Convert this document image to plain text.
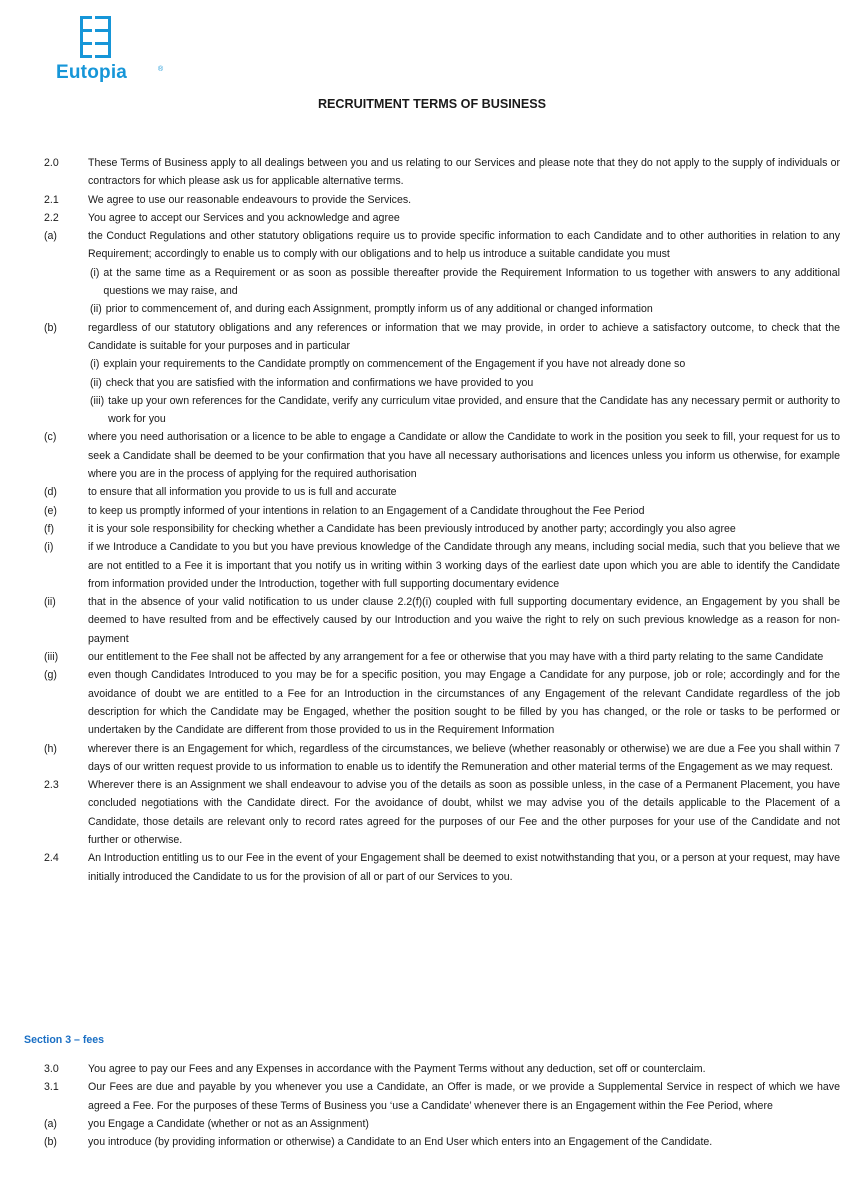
Eutopia	®
RECRUITMENT TERMS OF BUSINESS
2.0	These Terms of Business apply to all dealings between you and us relating to our Services and please note that they do not apply to the supply of individuals or contractors for which please ask us for applicable alternative terms.
2.1	We agree to use our reasonable endeavours to provide the Services.
2.2	You agree to accept our Services and you acknowledge and agree
(a)	the Conduct Regulations and other statutory obligations require us to provide specific information to each Candidate and to other authorities in relation to any Requirement; accordingly to enable us to comply with our obligations and to help us introduce a suitable candidate you must
(i) at the same time as a Requirement or as soon as possible thereafter provide the Requirement Information to us together with answers to any additional questions we may raise, and
(ii) prior to commencement of, and during each Assignment, promptly inform us of any additional or changed information
(b)	regardless of our statutory obligations and any references or information that we may provide, in order to achieve a satisfactory outcome, to check that the Candidate is suitable for your purposes and in particular
(i) explain your requirements to the Candidate promptly on commencement of the Engagement if you have not already done so
(ii) check that you are satisfied with the information and confirmations we have provided to you
(iii) take up your own references for the Candidate, verify any curriculum vitae provided, and ensure that the Candidate has any necessary permit or authority to work for you
(c)	where you need authorisation or a licence to be able to engage a Candidate or allow the Candidate to work in the position you seek to fill, your request for us to seek a Candidate shall be deemed to be your confirmation that you have all necessary authorisations and licences unless you inform us otherwise, for example where you are in the process of applying for the required authorisation
(d)	to ensure that all information you provide to us is full and accurate
(e)	to keep us promptly informed of your intentions in relation to an Engagement of a Candidate throughout the Fee Period
(f)	it is your sole responsibility for checking whether a Candidate has been previously introduced by another party; accordingly you also agree
(i)	if we Introduce a Candidate to you but you have previous knowledge of the Candidate through any means, including social media, such that you believe that we are not entitled to a Fee it is important that you notify us in writing within 3 working days of the earliest date upon which you are able to identify the Candidate from information provided under the Introduction, together with full supporting documentary evidence
(ii)	that in the absence of your valid notification to us under clause 2.2(f)(i) coupled with full supporting documentary evidence, an Engagement by you shall be deemed to have resulted from and be effectively caused by our Introduction and you waive the right to rely on such previous knowledge as a reason for non-payment
(iii)	our entitlement to the Fee shall not be affected by any arrangement for a fee or otherwise that you may have with a third party relating to the same Candidate
(g)	even though Candidates Introduced to you may be for a specific position, you may Engage a Candidate for any purpose, job or role; accordingly and for the avoidance of doubt we are entitled to a Fee for an Introduction in the circumstances of any Engagement of the relevant Candidate regardless of the job description for which the Candidate may be Engaged, whether the position sought to be filled by you has changed, or the role or tasks to be performed or undertaken by the Candidate are different from those provided to us in the Requirement Information
(h)	wherever there is an Engagement for which, regardless of the circumstances, we believe (whether reasonably or otherwise) we are due a Fee you shall within 7 days of our written request provide to us information to enable us to identify the Remuneration and other material terms of the Engagement as we may request.
2.3	Wherever there is an Assignment we shall endeavour to advise you of the details as soon as possible unless, in the case of a Permanent Placement, you have concluded negotiations with the Candidate direct. For the avoidance of doubt, whilst we may advise you of the details applicable to the Placement of a Candidate, those details are relevant only to record rates agreed for the purposes of our Fee and the other purposes for your use of the Candidate and not further or otherwise.
2.4	An Introduction entitling us to our Fee in the event of your Engagement shall be deemed to exist notwithstanding that you, or a person at your request, may have initially introduced the Candidate to us for the provision of all or part of our Services to you.
Section 3 – fees
3.0	You agree to pay our Fees and any Expenses in accordance with the Payment Terms without any deduction, set off or counterclaim.
3.1	Our Fees are due and payable by you whenever you use a Candidate, an Offer is made, or we provide a Supplemental Service in respect of which we have agreed a Fee. For the purposes of these Terms of Business you ‘use a Candidate’ whenever there is an Engagement within the Fee Period, where
(a)	you Engage a Candidate (whether or not as an Assignment)
(b)	you introduce (by providing information or otherwise) a Candidate to an End User which enters into an Engagement of the Candidate.
